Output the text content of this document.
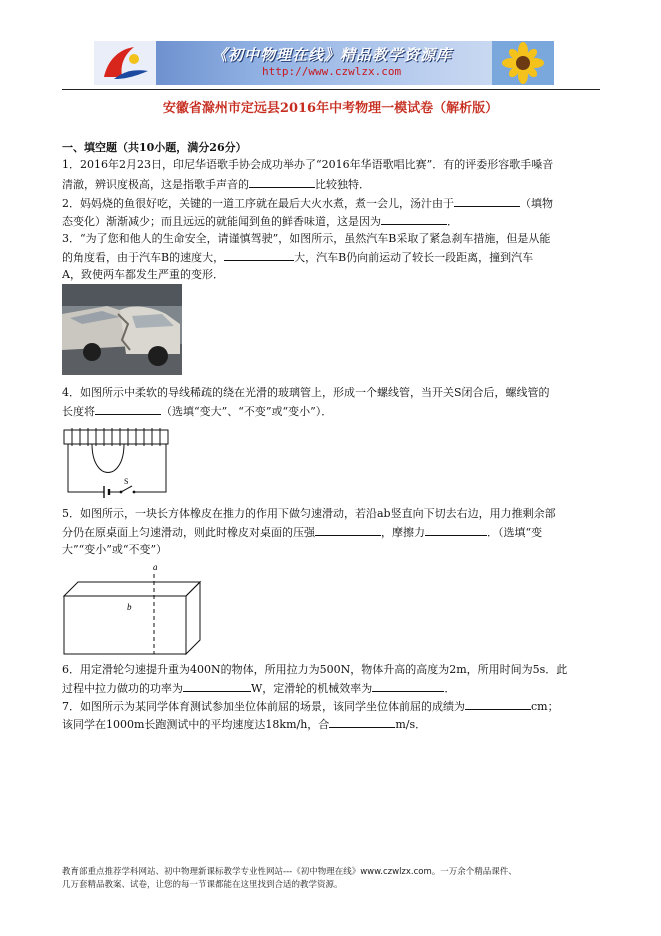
《初中物理在线》精品教学资源库
http://www.czwlzx.com
安徽省滁州市定远县2016年中考物理一模试卷（解析版）
一、填空题（共10小题，满分26分）
1．2016年2月23日，印尼华语歌手协会成功举办了“2016年华语歌唱比赛”．有的评委形容歌手嗓音
清澈，辨识度极高，这是指歌手声音的	比较独特．
2．妈妈烧的鱼很好吃，关键的一道工序就在最后大火水煮，煮一会儿，汤汁由于	（填物
态变化）渐渐减少；而且远远的就能闻到鱼的鲜香味道，这是因为	．
3．“为了您和他人的生命安全，请谨慎驾驶”，如图所示，虽然汽车B采取了紧急刹车措施，但是从能
的角度看，由于汽车B的速度大，	大，汽车B仍向前运动了较长一段距离，撞到汽车
A，致使两车都发生严重的变形．
4．如图所示中柔软的导线稀疏的绕在光滑的玻璃管上，形成一个螺线管，当开关S闭合后，螺线管的
长度将	（选填“变大”、“不变”或“变小”）．
S
5．如图所示，一块长方体橡皮在推力的作用下做匀速滑动，若沿ab竖直向下切去右边，用力推剩余部
分仍在原桌面上匀速滑动，则此时橡皮对桌面的压强	，摩擦力	．（选填“变
大”“变小”或“不变”）
a
b
6．用定滑轮匀速提升重为400N的物体，所用拉力为500N，物体升高的高度为2m，所用时间为5s．此
过程中拉力做功的功率为	W，定滑轮的机械效率为	．
7．如图所示为某同学体育测试参加坐位体前屈的场景，该同学坐位体前屈的成绩为	cm；
该同学在1000m长跑测试中的平均速度达18km/h，合	m/s．
教育部重点推荐学科网站、初中物理新课标教学专业性网站---《初中物理在线》www.czwlzx.com。一万余个精品课件、
几万套精品教案、试卷，让您的每一节课都能在这里找到合适的教学资源。
